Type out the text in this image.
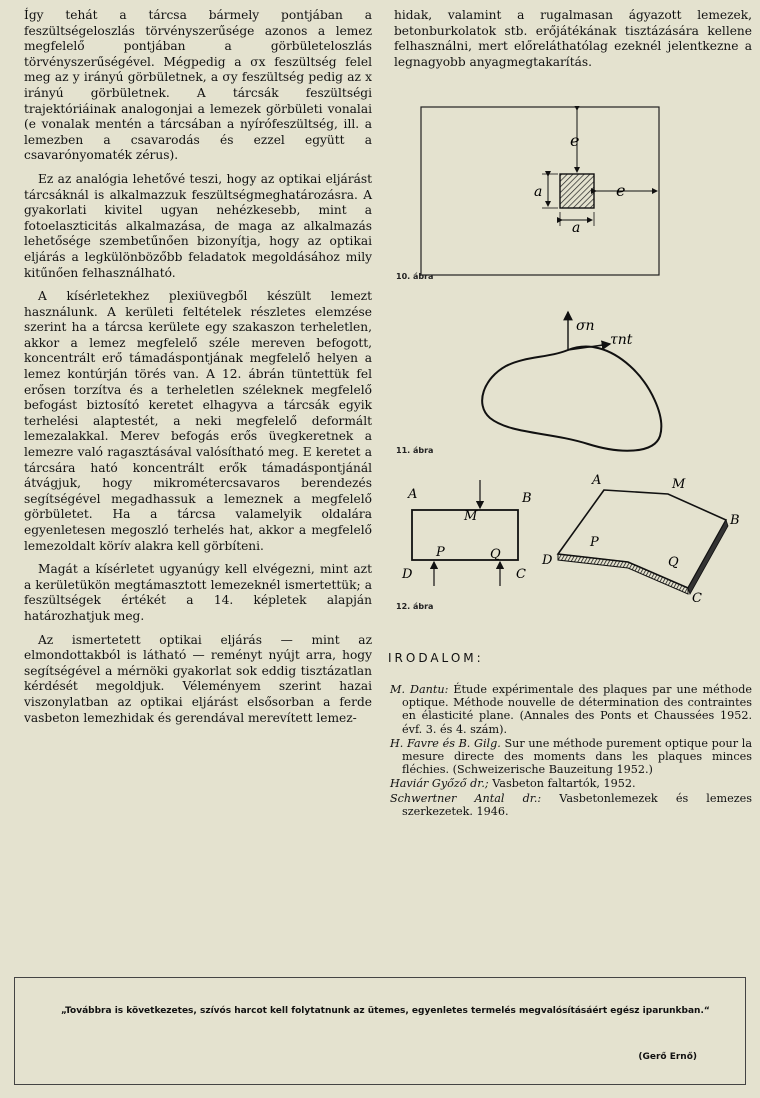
Így tehát a tárcsa bármely pontjában a feszültségeloszlás törvényszerűsége azonos a lemez megfelelő pontjában a görbületeloszlás törvényszerűségével. Mégpedig a σx feszültség felel meg az y irányú görbületnek, a σy feszültség pedig az x irányú görbületnek. A tárcsák feszültségi trajektóriáinak analogonjai a lemezek görbületi vonalai (e vonalak mentén a tárcsában a nyírófeszültség, ill. a lemezben a csavarodás és ezzel együtt a csavarónyomaték zérus).

Ez az analógia lehetővé teszi, hogy az optikai eljárást tárcsáknál is alkalmazzuk feszültségmeghatározásra. A gyakorlati kivitel ugyan nehézkesebb, mint a fotoelaszticitás alkalmazása, de maga az alkalmazás lehetősége szembetűnően bizonyítja, hogy az optikai eljárás a legkülönbözőbb feladatok megoldásához mily kitűnően felhasználható.

A kísérletekhez plexiüvegből készült lemezt használunk. A kerületi feltételek részletes elemzése szerint ha a tárcsa kerülete egy szakaszon terheletlen, akkor a lemez megfelelő széle mereven befogott, koncentrált erő támadáspontjának megfelelő helyen a lemez kontúrján törés van. A 12. ábrán tüntettük fel erősen torzítva és a terheletlen széleknek megfelelő befogást biztosító keretet elhagyva a tárcsák egyik terhelési alaptestét, a neki megfelelő deformált lemezalakkal. Merev befogás erős üvegkeretnek a lemezre való ragasztásával valósítható meg. E keretet a tárcsára ható koncentrált erők támadáspontjánál átvágjuk, hogy mikrométercsavaros berendezés segítségével megadhassuk a lemeznek a megfelelő görbületet. Ha a tárcsa valamelyik oldalára egyenletesen megoszló terhelés hat, akkor a megfelelő lemezoldalt körív alakra kell görbíteni.

Magát a kísérletet ugyanúgy kell elvégezni, mint azt a kerületükön megtámasztott lemezeknél ismertettük; a feszültségek értékét a 14. képletek alapján határozhatjuk meg.

Az ismertetett optikai eljárás — mint az elmondottakból is látható — reményt nyújt arra, hogy segítségével a mérnöki gyakorlat sok eddig tisztázatlan kérdését megoldjuk. Véleményem szerint hazai viszonylatban az optikai eljárást elsősorban a ferde vasbeton lemezhidak és gerendával merevített lemez-

hidak, valamint a rugalmasan ágyazott lemezek, betonburkolatok stb. erőjátékának tisztázására kellene felhasználni, mert előreláthatólag ezeknél jelentkezne a legnagyobb anyagmegtakarítás.

e
e
a
a
10. ábra
σn
τnt
11. ábra
A	B
M
P	Q
D	C
A	M
B
P
Q
D
C
12. ábra
IRODALOM:
M. Dantu: Étude expérimentale des plaques par une méthode optique. Méthode nouvelle de détermination des contraintes en élasticité plane. (Annales des Ponts et Chaussées 1952. évf. 3. és 4. szám).
H. Favre és B. Gilg. Sur une méthode purement optique pour la mesure directe des moments dans les plaques minces fléchies. (Schweizerische Bauzeitung 1952.)
Haviár Győző dr.; Vasbeton faltartók, 1952.
Schwertner Antal dr.: Vasbetonlemezek és lemezes szerkezetek. 1946.
„Továbbra is következetes, szívós harcot kell folytatnunk az ütemes, egyenletes termelés megvalósításáért egész iparunkban.“
(Gerő Ernő)
